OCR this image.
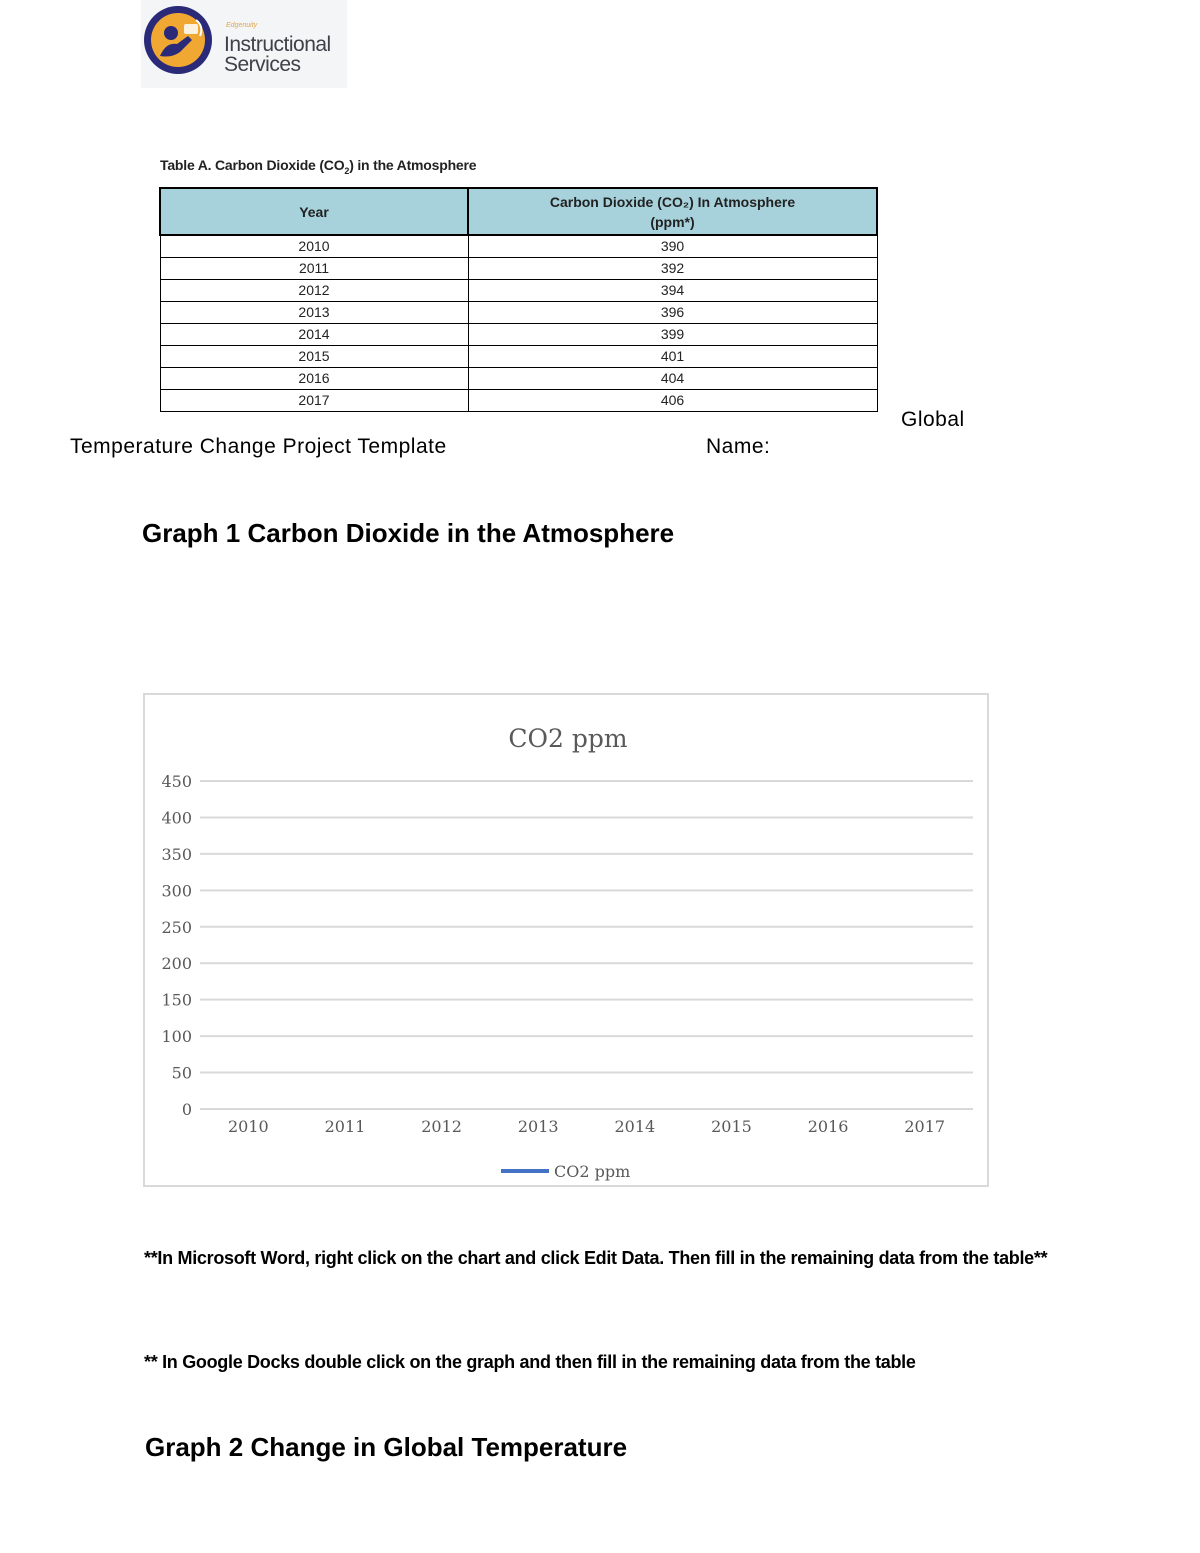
Edgenuity
Instructional
Services
Table A. Carbon Dioxide $(CO_2)$ in the Atmosphere
Year	Carbon Dioxide (CO₂) In Atmosphere
(ppm*)

2010	390
2011	392
2012	394
2013	396
2014	399
2015	401
2016	404
2017	406
Global
Temperature Change Project Template	Name:
Graph 1 Carbon Dioxide in the Atmosphere
CO2 ppm
0
50
100
150
200
250
300
350
400
450
2010	2011	2012	2013	2014	2015	2016	2017
CO2 ppm
**In Microsoft Word, right click on the chart and click Edit Data. Then fill in the remaining data from the table**
** In Google Docks double click on the graph and then fill in the remaining data from the table
Graph 2 Change in Global Temperature
